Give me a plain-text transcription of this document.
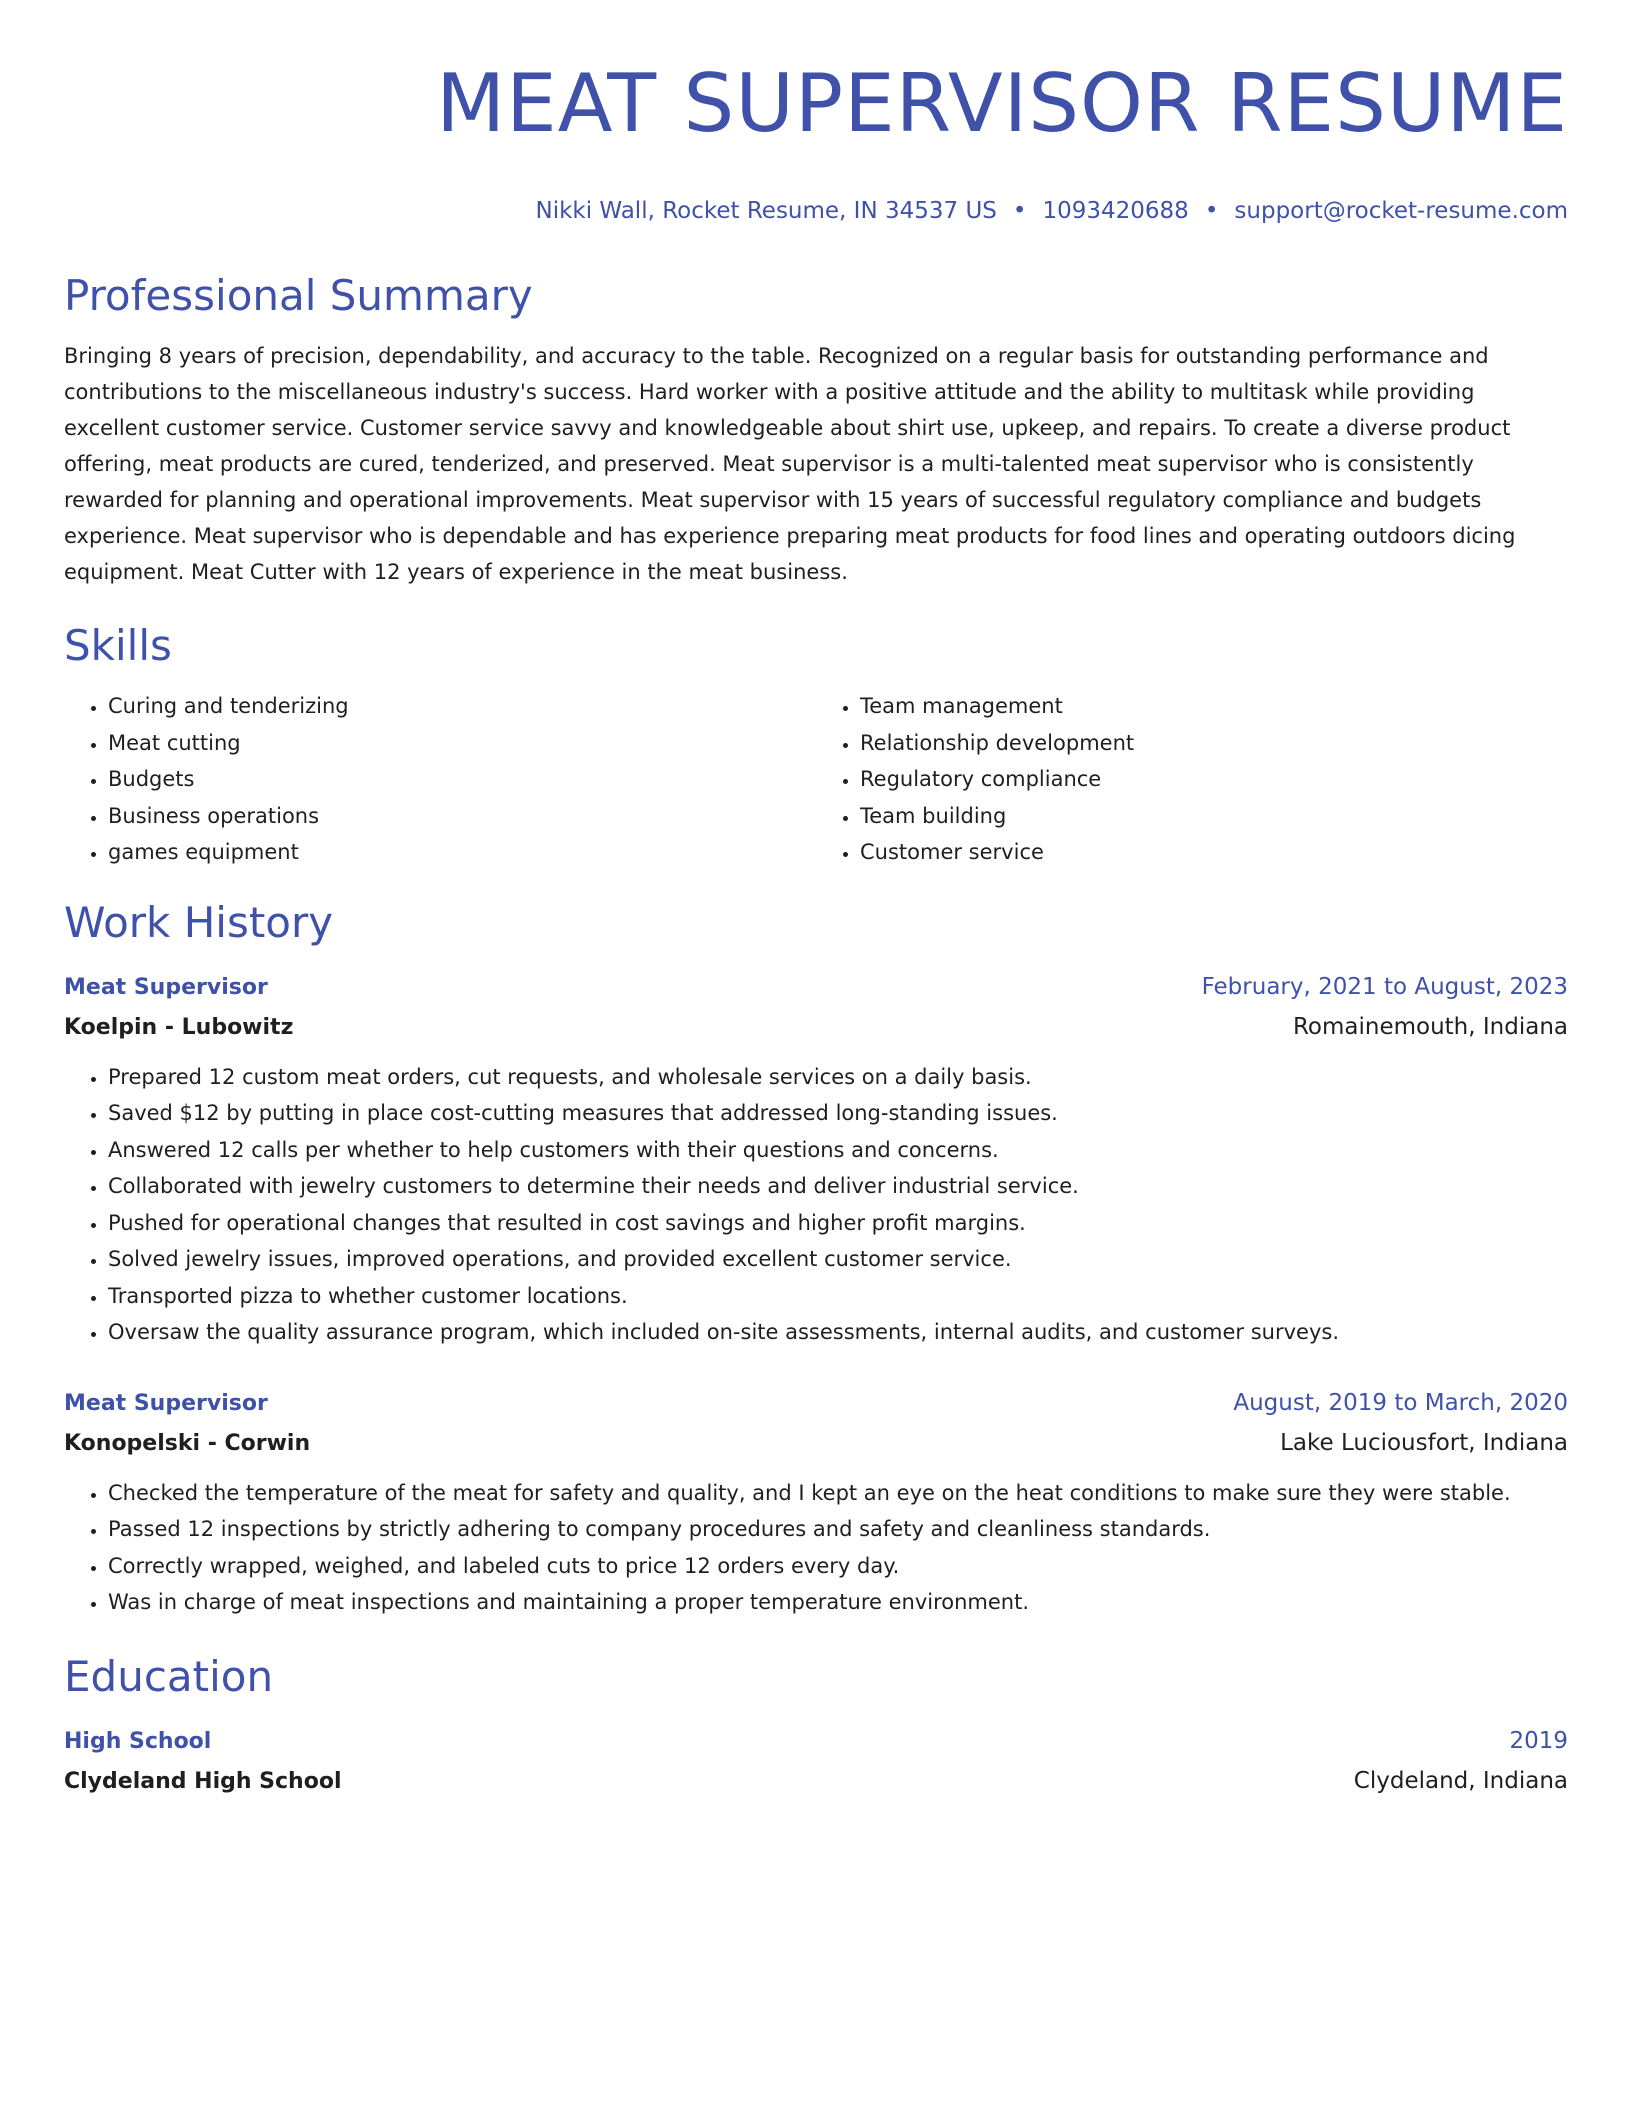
MEAT SUPERVISOR RESUME
Nikki Wall, Rocket Resume, IN 34537 US • 1093420688 • support@rocket-resume.com
Professional Summary
Bringing 8 years of precision, dependability, and accuracy to the table. Recognized on a regular basis for outstanding performance and contributions to the miscellaneous industry's success. Hard worker with a positive attitude and the ability to multitask while providing excellent customer service. Customer service savvy and knowledgeable about shirt use, upkeep, and repairs. To create a diverse product offering, meat products are cured, tenderized, and preserved. Meat supervisor is a multi-talented meat supervisor who is consistently rewarded for planning and operational improvements. Meat supervisor with 15 years of successful regulatory compliance and budgets experience. Meat supervisor who is dependable and has experience preparing meat products for food lines and operating outdoors dicing equipment. Meat Cutter with 12 years of experience in the meat business.
Skills
• Curing and tenderizing
• Meat cutting
• Budgets
• Business operations
• games equipment
• Team management
• Relationship development
• Regulatory compliance
• Team building
• Customer service
Work History
Meat Supervisor	February, 2021 to August, 2023
Koelpin - Lubowitz	Romainemouth, Indiana
• Prepared 12 custom meat orders, cut requests, and wholesale services on a daily basis.
• Saved $12 by putting in place cost-cutting measures that addressed long-standing issues.
• Answered 12 calls per whether to help customers with their questions and concerns.
• Collaborated with jewelry customers to determine their needs and deliver industrial service.
• Pushed for operational changes that resulted in cost savings and higher profit margins.
• Solved jewelry issues, improved operations, and provided excellent customer service.
• Transported pizza to whether customer locations.
• Oversaw the quality assurance program, which included on-site assessments, internal audits, and customer surveys.
Meat Supervisor	August, 2019 to March, 2020
Konopelski - Corwin	Lake Luciousfort, Indiana
• Checked the temperature of the meat for safety and quality, and I kept an eye on the heat conditions to make sure they were stable.
• Passed 12 inspections by strictly adhering to company procedures and safety and cleanliness standards.
• Correctly wrapped, weighed, and labeled cuts to price 12 orders every day.
• Was in charge of meat inspections and maintaining a proper temperature environment.
Education
High School	2019
Clydeland High School	Clydeland, Indiana
